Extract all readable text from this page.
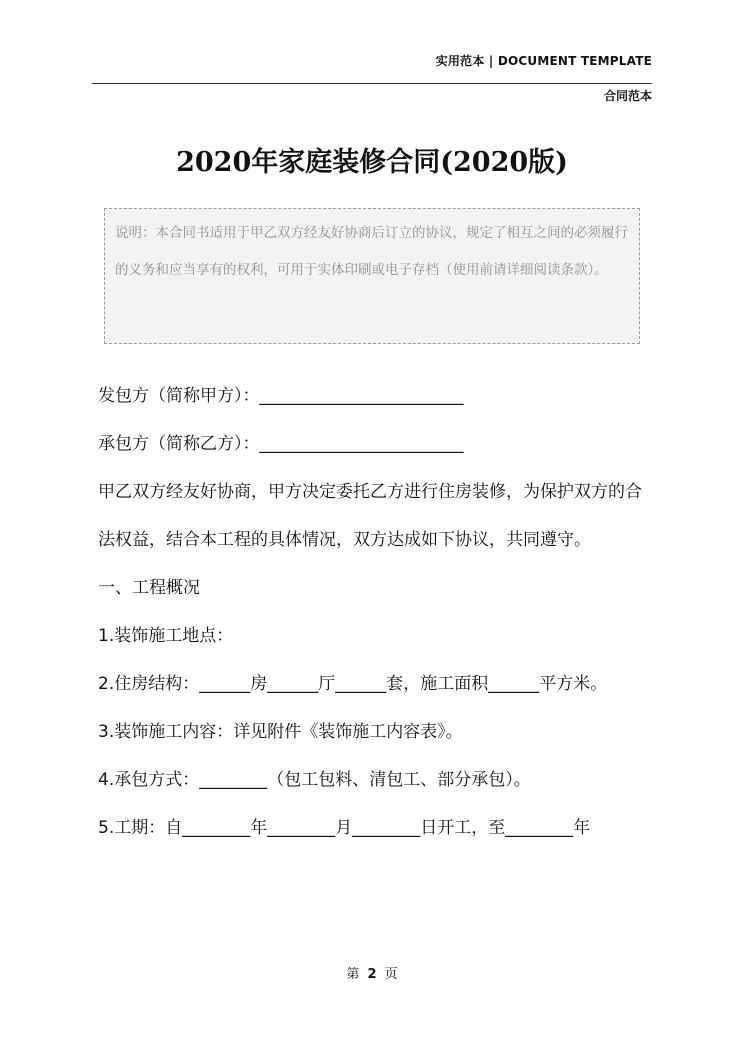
实用范本 | DOCUMENT TEMPLATE
合同范本
2020年家庭装修合同(2020版)
说明：本合同书适用于甲乙双方经友好协商后订立的协议，规定了相互之间的必须履行的义务和应当享有的权利，可用于实体印刷或电子存档（使用前请详细阅读条款）。

发包方（简称甲方）：________________________

承包方（简称乙方）：________________________

甲乙双方经友好协商，甲方决定委托乙方进行住房装修，为保护双方的合法权益，结合本工程的具体情况，双方达成如下协议，共同遵守。

一、工程概况

1.装饰施工地点：

2.住房结构：______房______厅______套，施工面积______平方米。

3.装饰施工内容：详见附件《装饰施工内容表》。

4.承包方式：________（包工包料、清包工、部分承包）。

5.工期：自________年________月________日开工，至________年

第 2 页
